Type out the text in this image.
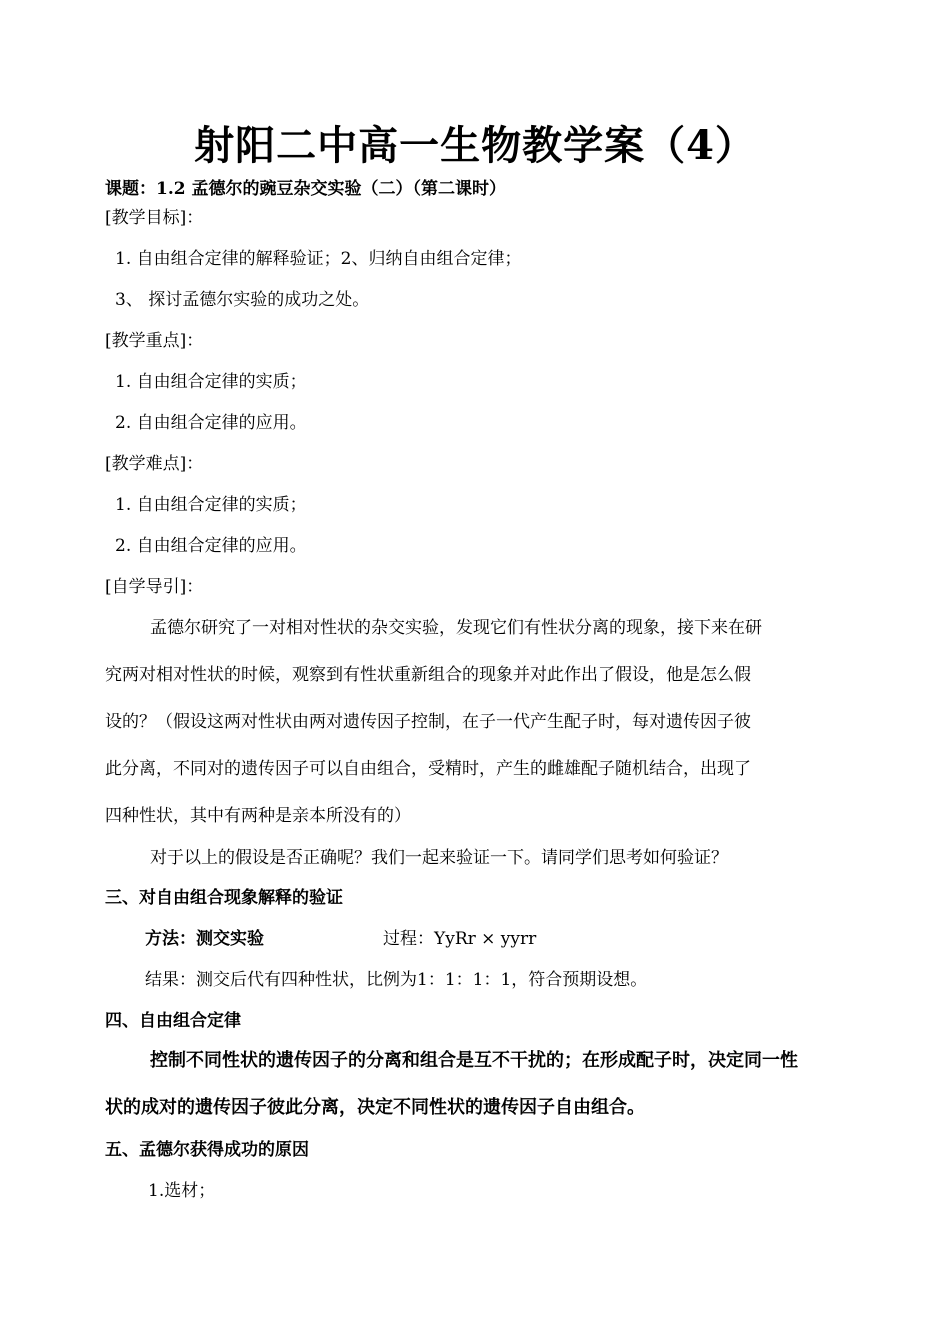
射阳二中高一生物教学案（4）
课题：1.2 孟德尔的豌豆杂交实验（二）（第二课时）
[教学目标]：
1. 自由组合定律的解释验证；2、归纳自由组合定律；
3、 探讨孟德尔实验的成功之处。
[教学重点]：
1. 自由组合定律的实质；
2. 自由组合定律的应用。
[教学难点]：
1. 自由组合定律的实质；
2. 自由组合定律的应用。
[自学导引]：
孟德尔研究了一对相对性状的杂交实验，发现它们有性状分离的现象，接下来在研
究两对相对性状的时候，观察到有性状重新组合的现象并对此作出了假设，他是怎么假
设的？（假设这两对性状由两对遗传因子控制，在子一代产生配子时，每对遗传因子彼
此分离，不同对的遗传因子可以自由组合，受精时，产生的雌雄配子随机结合，出现了
四种性状，其中有两种是亲本所没有的）
对于以上的假设是否正确呢？我们一起来验证一下。请同学们思考如何验证？
三、对自由组合现象解释的验证
方法：测交实验	过程：YyRr × yyrr
结果：测交后代有四种性状，比例为1：1：1：1，符合预期设想。
四、自由组合定律
控制不同性状的遗传因子的分离和组合是互不干扰的；在形成配子时，决定同一性
状的成对的遗传因子彼此分离，决定不同性状的遗传因子自由组合。
五、孟德尔获得成功的原因
1.选材；
